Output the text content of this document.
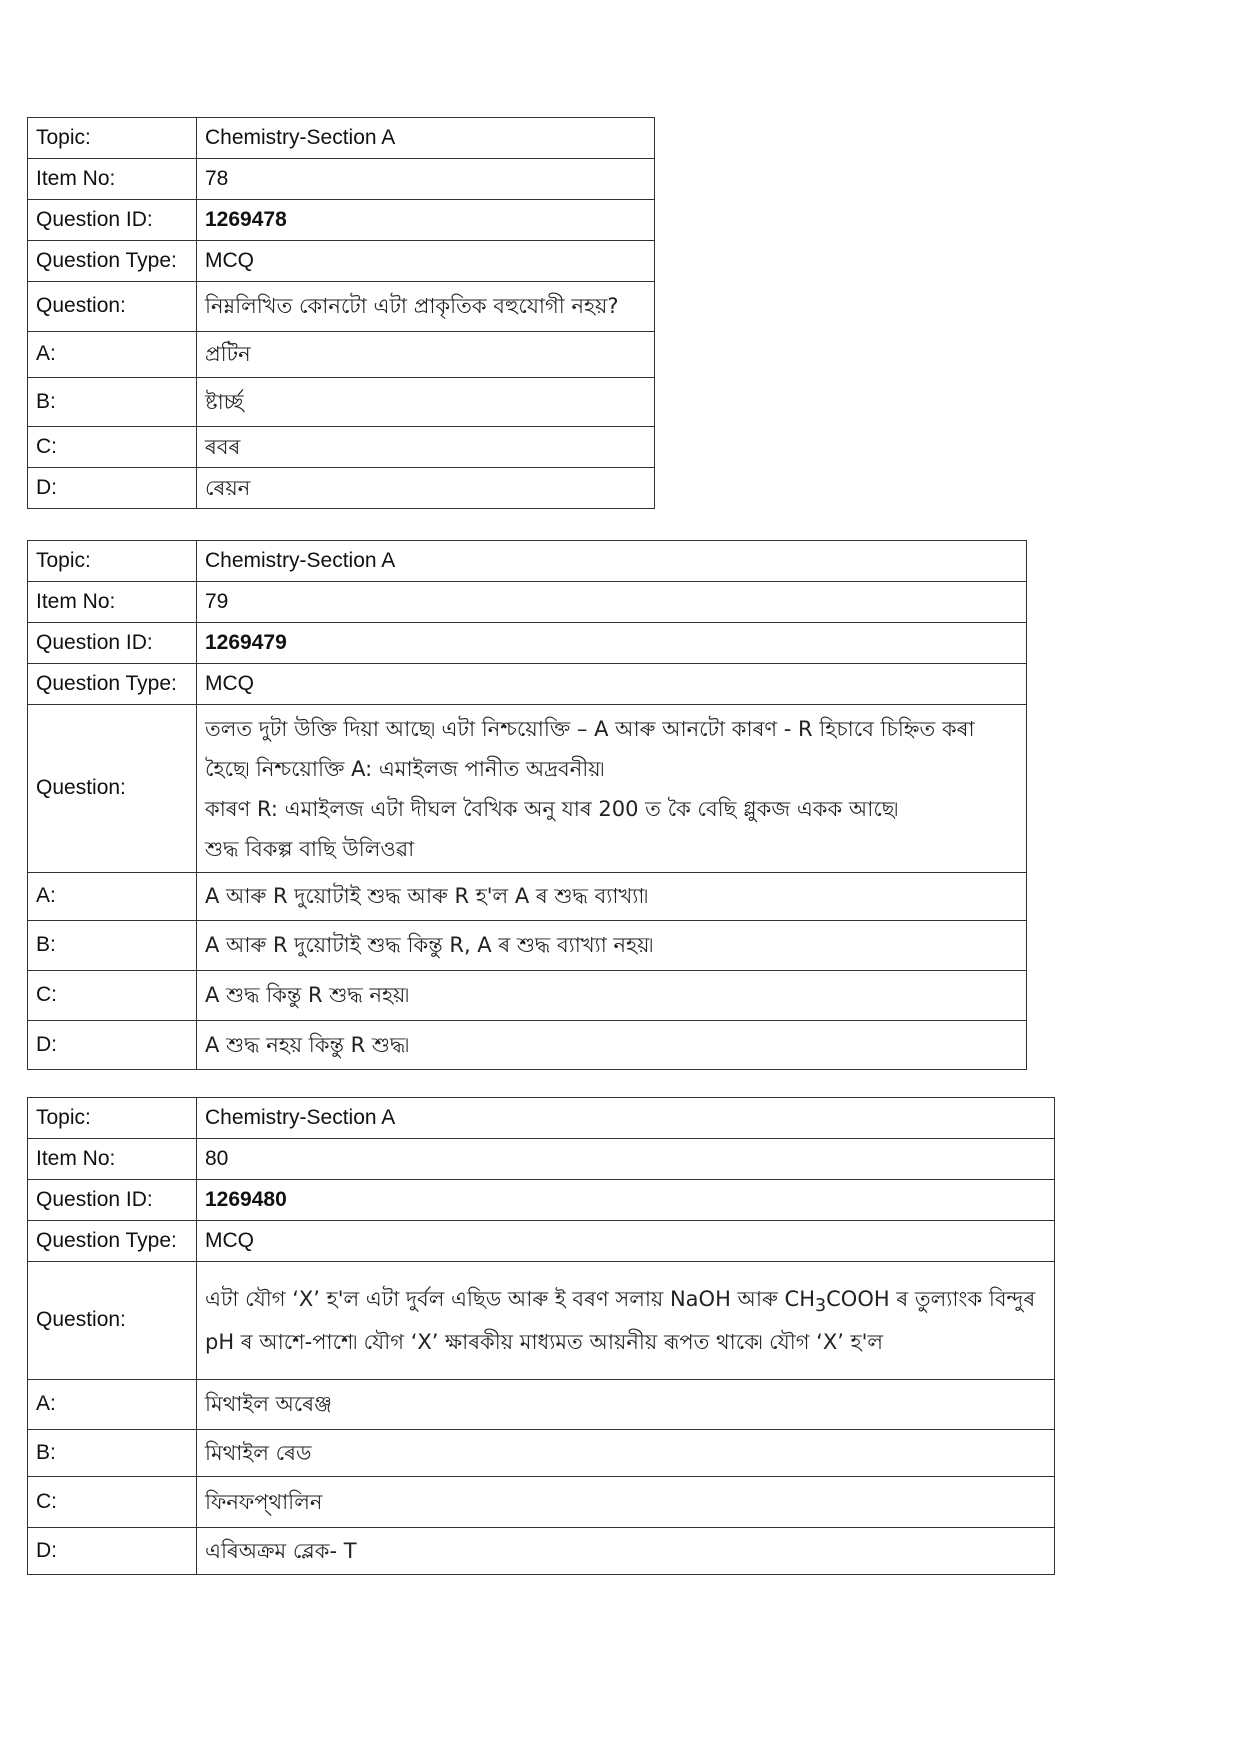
Topic:	Chemistry-Section A
Item No:	78
Question ID:	1269478
Question Type:	MCQ
Question:	নিম্নলিখিত কোনটো এটা প্ৰাকৃতিক বহুযোগী নহয়?
A:	প্ৰটিন
B:	ষ্টাৰ্চ্ছ
C:	ৰবৰ
D:	ৰেয়ন
Topic:	Chemistry-Section A
Item No:	79
Question ID:	1269479
Question Type:	MCQ
Question:	তলত দুটা উক্তি দিয়া আছে৷ এটা নিশ্চয়োক্তি – A আৰু আনটো কাৰণ - R হিচাবে চিহ্নিত কৰা হৈছে৷ নিশ্চয়োক্তি A: এমাইলজ পানীত অদ্ৰবনীয়৷
কাৰণ R: এমাইলজ এটা দীঘল বৈখিক অনু যাৰ 200 ত কৈ বেছি গ্লুকজ একক আছে৷
শুদ্ধ বিকল্প বাছি উলিওৱা

A:	A আৰু R দুয়োটাই শুদ্ধ আৰু R হ'ল A ৰ শুদ্ধ ব্যাখ্যা৷
B:	A আৰু R দুয়োটাই শুদ্ধ কিন্তু R, A ৰ শুদ্ধ ব্যাখ্যা নহয়৷
C:	A শুদ্ধ কিন্তু R শুদ্ধ নহয়৷
D:	A শুদ্ধ নহয় কিন্তু R শুদ্ধ৷
Topic:	Chemistry-Section A
Item No:	80
Question ID:	1269480
Question Type:	MCQ
Question:	এটা যৌগ ‘X’ হ'ল এটা দুৰ্বল এছিড আৰু ই বৰণ সলায় NaOH আৰু $CH_3COOH$ ৰ তুল্যাংক বিন্দুৰ pH ৰ আশে-পাশে৷ যৌগ ‘X’ ক্ষাৰকীয় মাধ্যমত আয়নীয় ৰূপত থাকে৷ যৌগ ‘X’ হ'ল
A:	মিথাইল অৰেঞ্জ
B:	মিথাইল ৰেড
C:	ফিনফপ্থালিন
D:	এৰিঅক্ৰম ব্লেক- T
